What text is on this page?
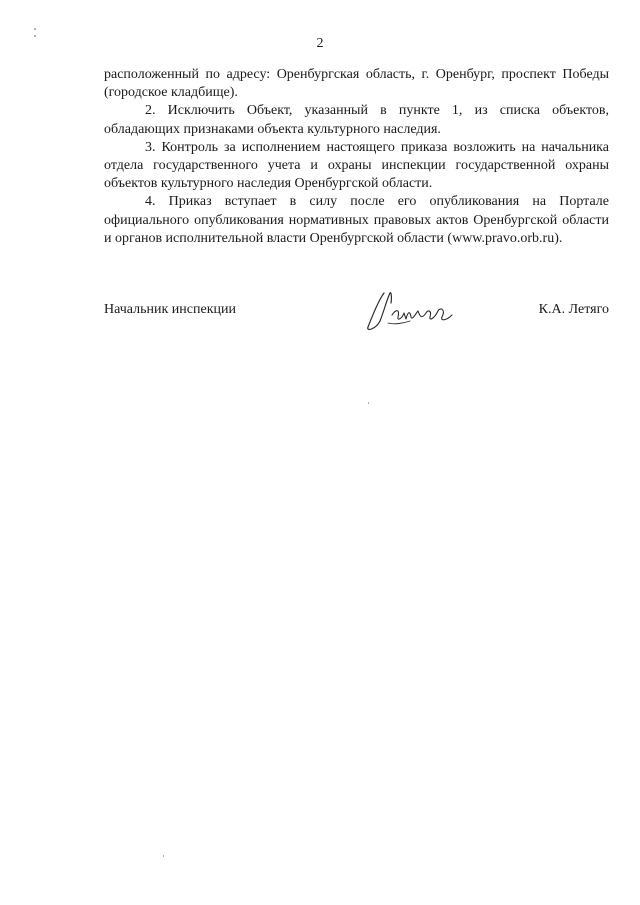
2

расположенный по адресу: Оренбургская область, г. Оренбург, проспект Победы (городское кладбище).

2. Исключить Объект, указанный в пункте 1, из списка объектов, обладающих признаками объекта культурного наследия.

3. Контроль за исполнением настоящего приказа возложить на начальника отдела государственного учета и охраны инспекции государственной охраны объектов культурного наследия Оренбургской области.

4. Приказ вступает в силу после его опубликования на Портале официального опубликования нормативных правовых актов Оренбургской области и органов исполнительной власти Оренбургской области (www.pravo.orb.ru).

Начальник инспекции	К.А. Летяго
